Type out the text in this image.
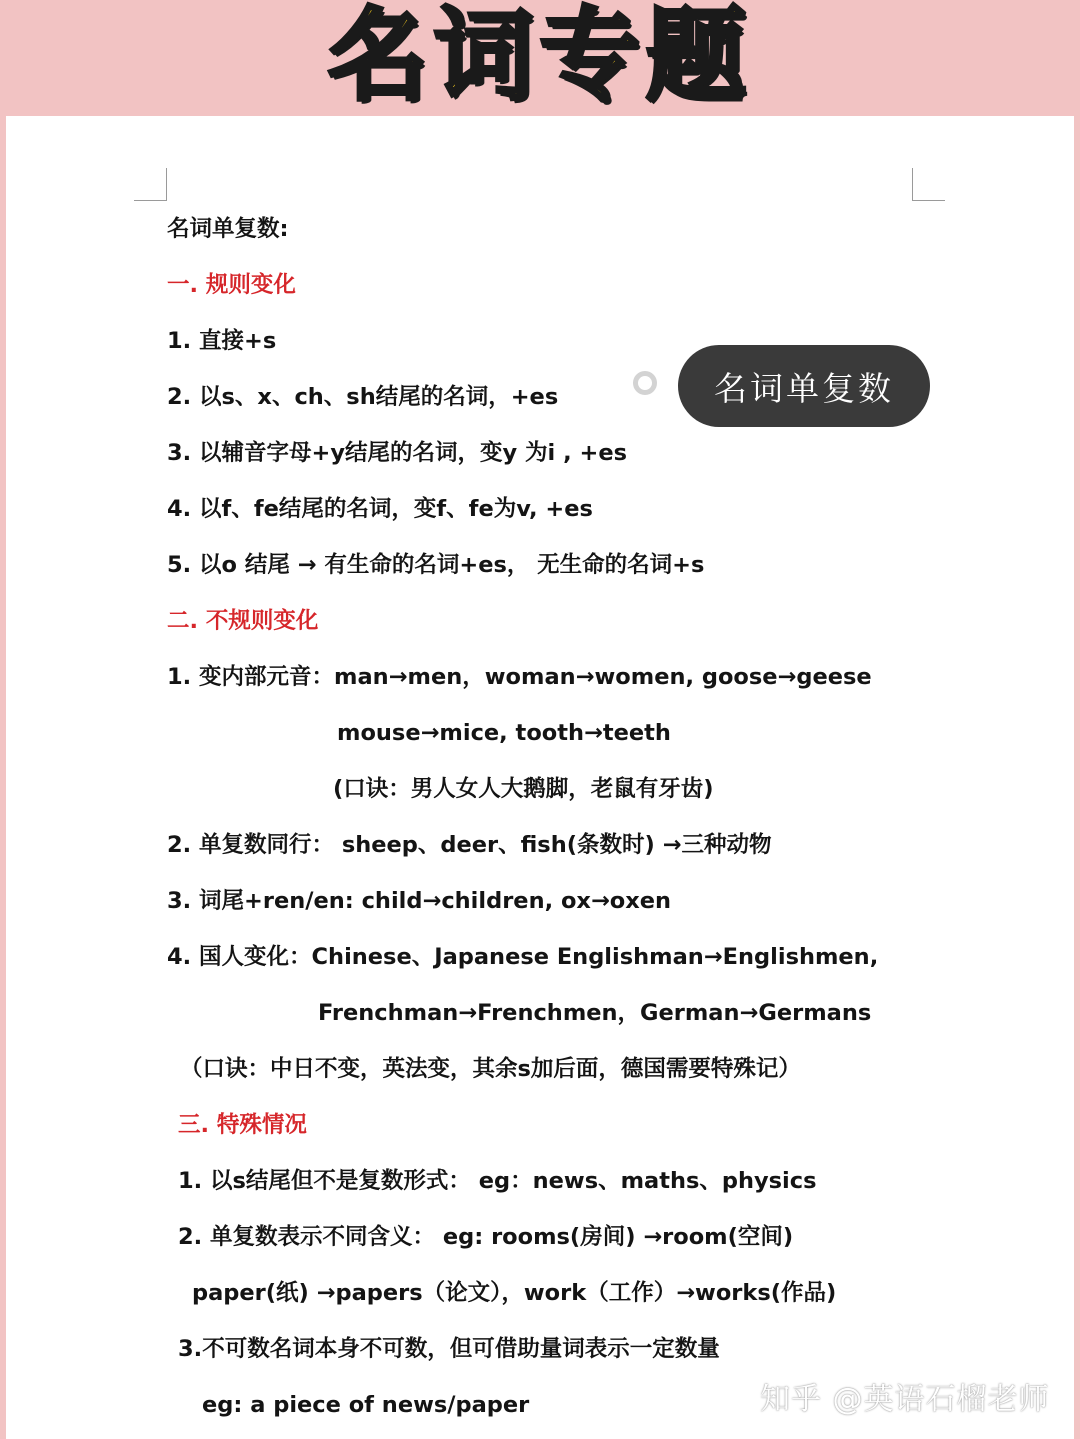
名词专题
名词单复数:
一. 规则变化
1. 直接+s
2. 以s、x、ch、sh结尾的名词，+es
3. 以辅音字母+y结尾的名词，变y 为i , +es
4. 以f、fe结尾的名词，变f、fe为v, +es
5. 以o 结尾 → 有生命的名词+es， 无生命的名词+s
二. 不规则变化
1. 变内部元音：man→men，woman→women, goose→geese
mouse→mice, tooth→teeth
(口诀：男人女人大鹅脚，老鼠有牙齿)
2. 单复数同行： sheep、deer、fish(条数时) →三种动物
3. 词尾+ren/en: child→children, ox→oxen
4. 国人变化：Chinese、Japanese Englishman→Englishmen,
Frenchman→Frenchmen，German→Germans
（口诀：中日不变，英法变，其余s加后面，德国需要特殊记）
三. 特殊情况
1. 以s结尾但不是复数形式： eg：news、maths、physics
2. 单复数表示不同含义： eg: rooms(房间) →room(空间)
paper(纸) →papers（论文），work（工作）→works(作品)
3.不可数名词本身不可数，但可借助量词表示一定数量
eg: a piece of news/paper
名词单复数
知乎 @英语石榴老师
